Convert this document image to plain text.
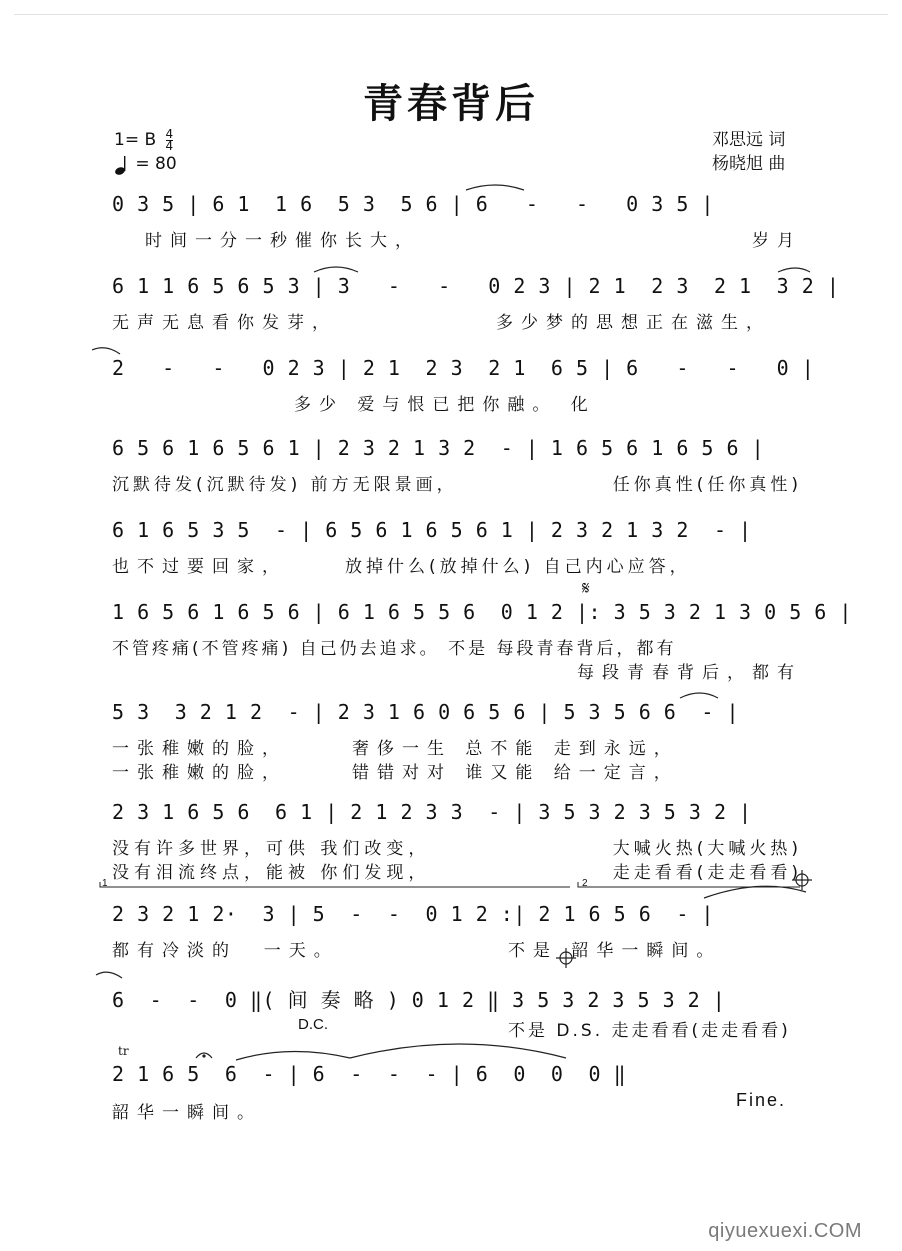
青春背后
1= B $\frac{4}{4}$
= 80
邓思远 词
杨晓旭 曲
0 3 5 | 6 1  1 6  5 3  5 6 | 6   -   -   0 3 5 |
时间一分一秒催你长大，	岁月
6 1 1 6 5 6 5 3 | 3   -   -   0 2 3 | 2 1  2 3  2 1  3 2 |
无声无息看你发芽，	多少梦的思想正在滋生，
2   -   -   0 2 3 | 2 1  2 3  2 1  6 5 | 6   -   -   0 |
多少 爱与恨已把你融。 化
6 5 6 1 6 5 6 1 | 2 3 2 1 3 2  - | 1 6 5 6 1 6 5 6 |
沉默待发(沉默待发) 前方无限景画，	任你真性(任你真性)
6 1 6 5 3 5  - | 6 5 6 1 6 5 6 1 | 2 3 2 1 3 2  - |
也不过要回家，	放掉什么(放掉什么) 自己内心应答，
𝄋
1 6 5 6 1 6 5 6 | 6 1 6 5 5 6  0 1 2 |: 3 5 3 2 1 3 0 5 6 |
不管疼痛(不管疼痛) 自己仍去追求。 不是 每段青春背后，都有
每段青春背后，都有
5 3  3 2 1 2  - | 2 3 1 6 0 6 5 6 | 5 3 5 6 6  - |
一张稚嫩的脸，	奢侈一生 总不能 走到永远，
一张稚嫩的脸，	错错对对 谁又能 给一定言，
2 3 1 6 5 6  6 1 | 2 1 2 3 3  - | 3 5 3 2 3 5 3 2 |
没有许多世界，可供 我们改变，	大喊火热(大喊火热)
没有泪流终点，能被 你们发现，	走走看看(走走看看)
1	2
2 3 2 1 2·  3 | 5  -  -  0 1 2 :| 2 1 6 5 6  - |
都有冷淡的  一天。	不是 韶华一瞬间。
6  -  -  0 ‖( 间 奏 略 ) 0 1 2 ‖ 3 5 3 2 3 5 3 2 |
D.C.	不是 D.S. 走走看看(走走看看)
tr
2 1 6 5  6  - | 6  -  -  - | 6  0  0  0 ‖
韶华一瞬间。
Fine.
qiyuexuexi.COM
